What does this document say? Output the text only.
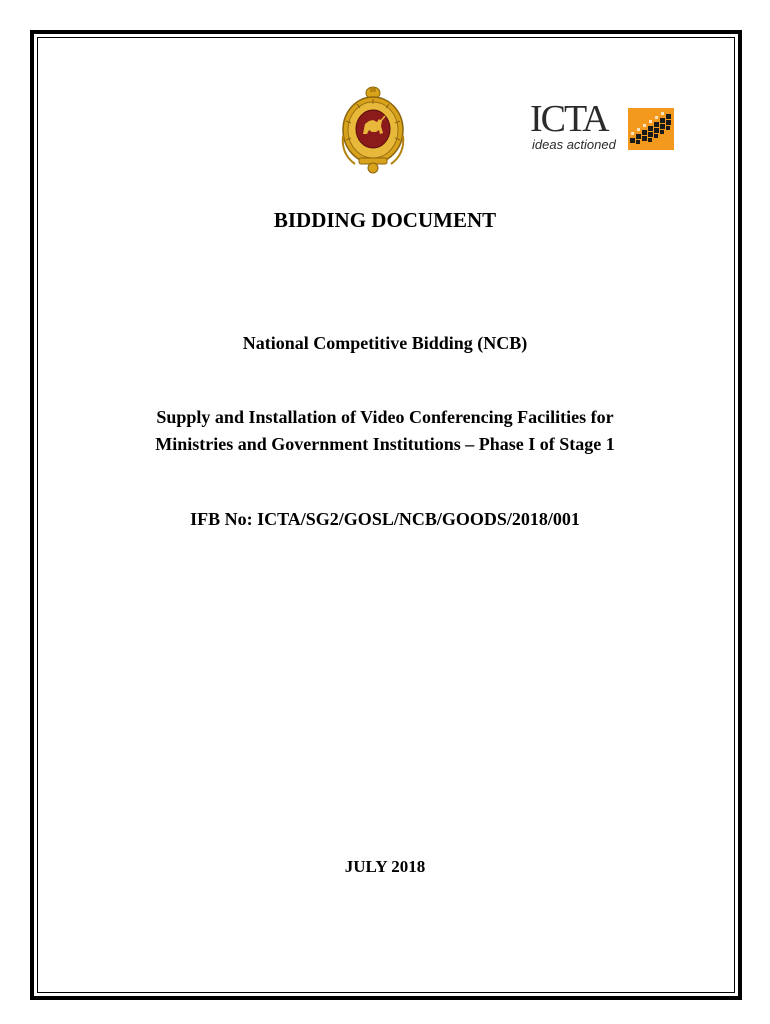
ICTA
ideas actioned
BIDDING DOCUMENT

National Competitive Bidding (NCB)

Supply and Installation of Video Conferencing Facilities for
Ministries and Government Institutions – Phase I of Stage 1

IFB No: ICTA/SG2/GOSL/NCB/GOODS/2018/001

JULY 2018
